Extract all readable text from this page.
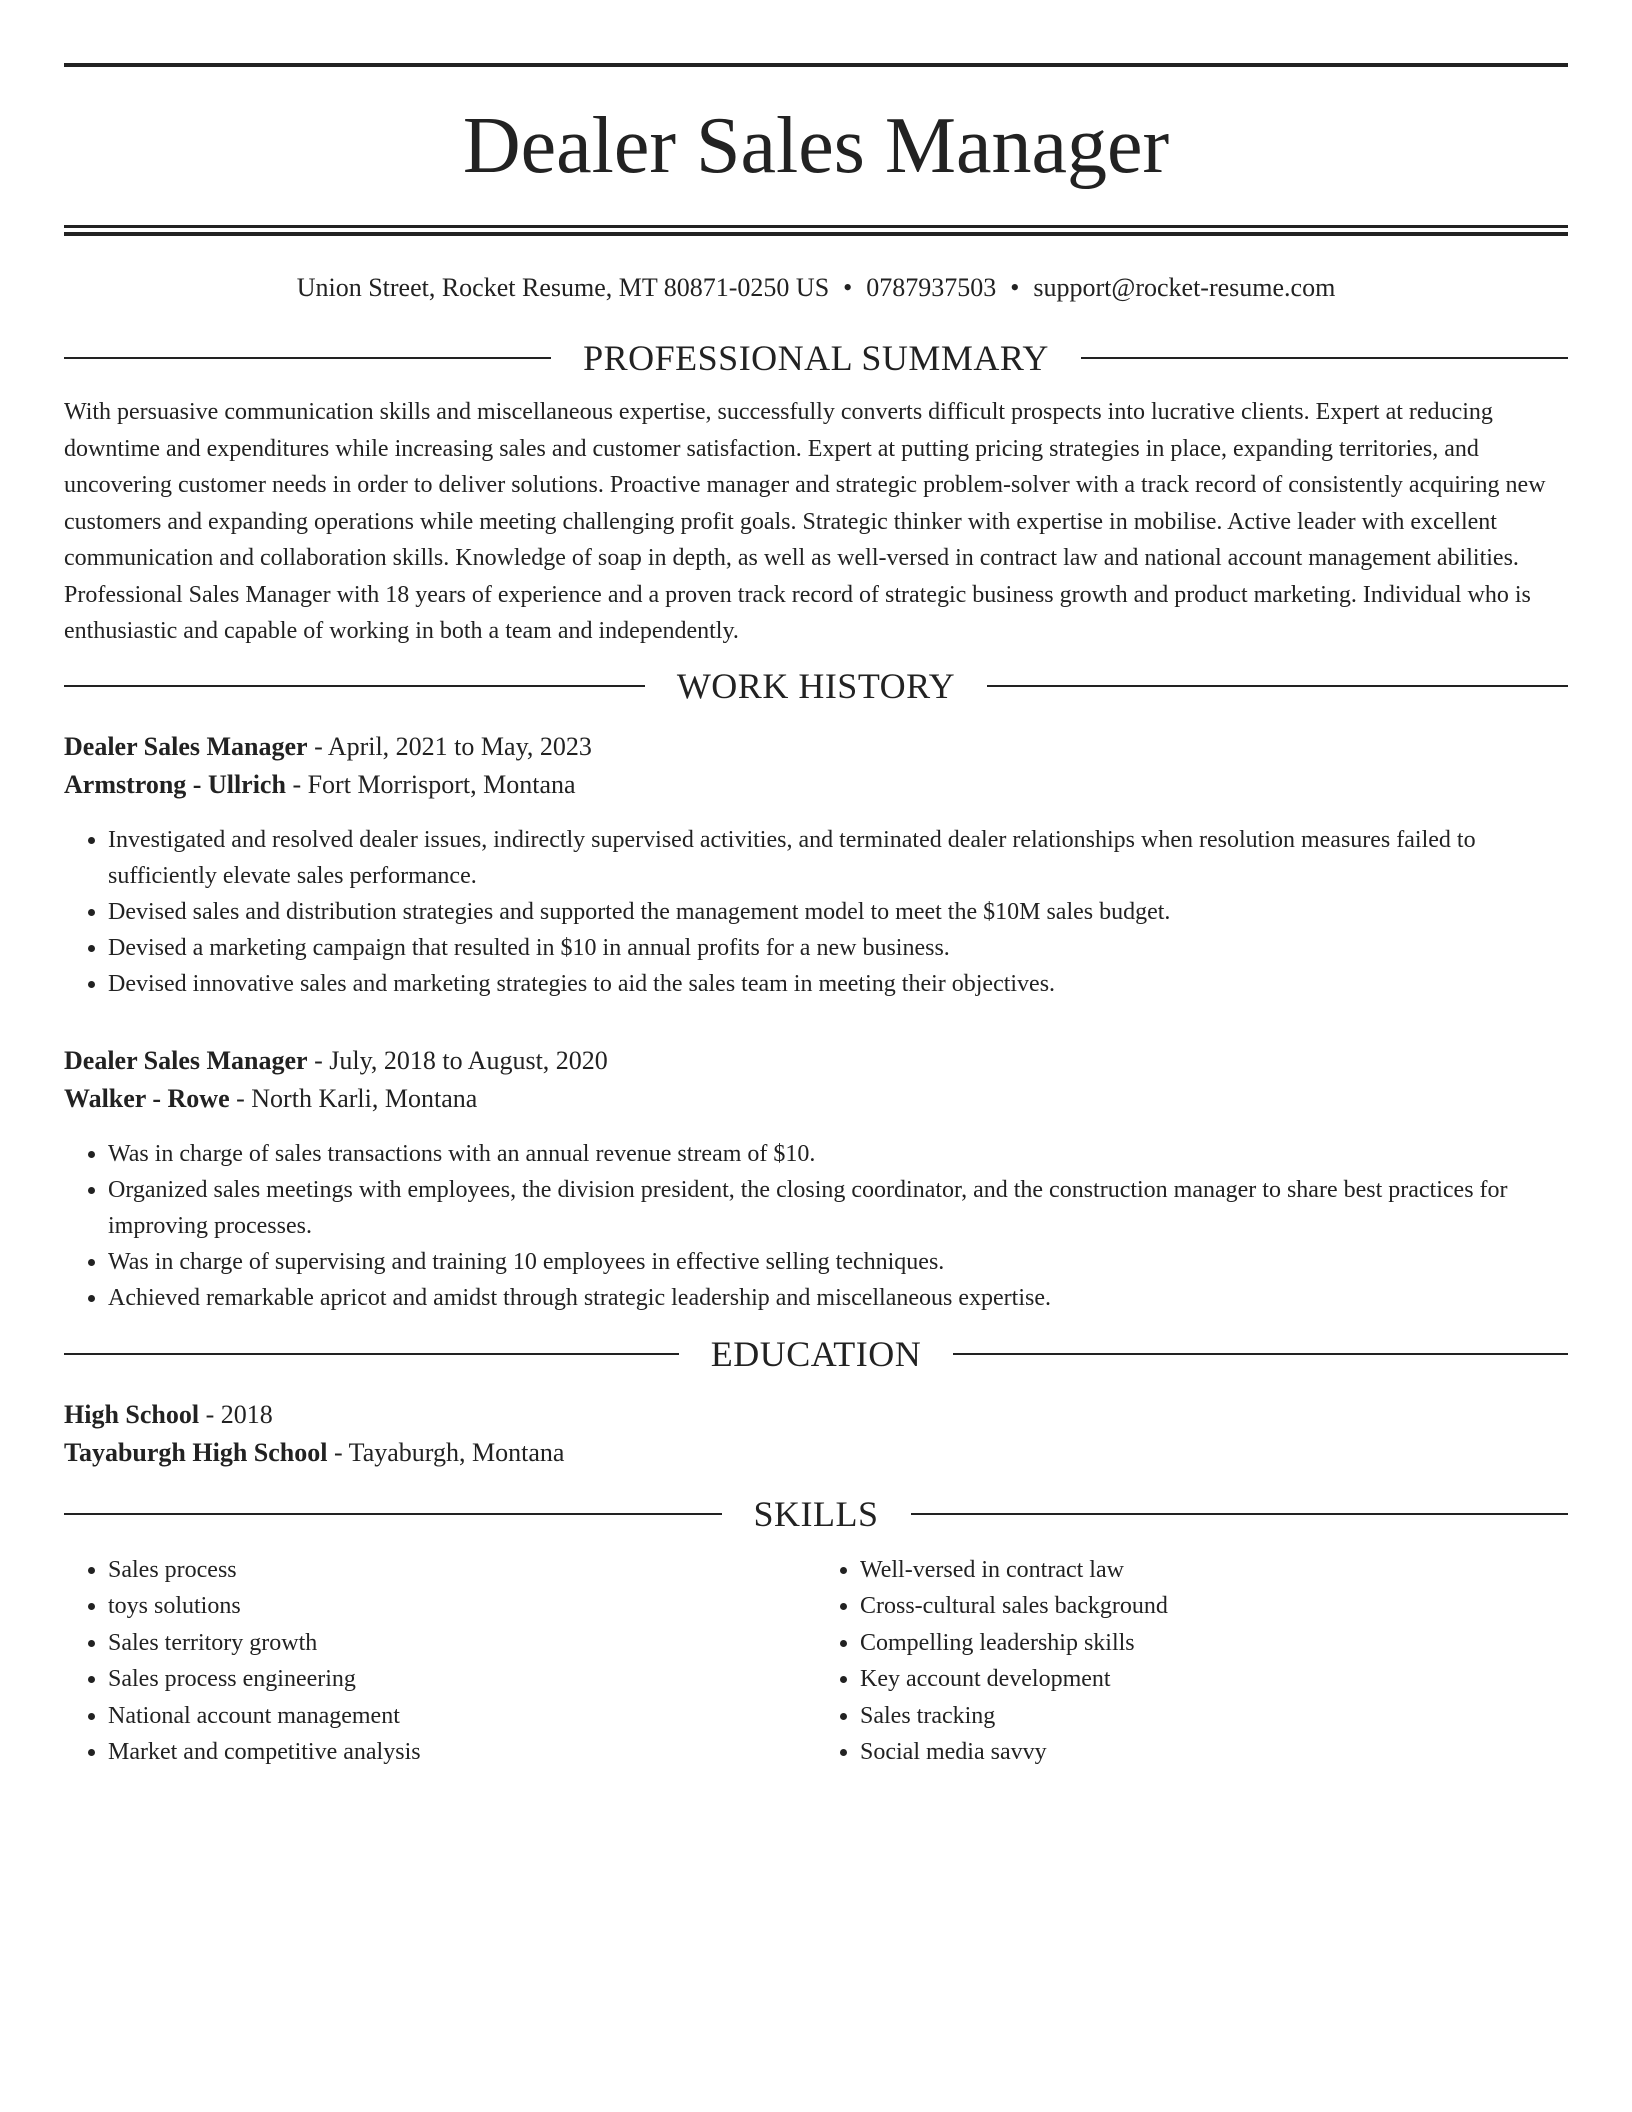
Dealer Sales Manager
Union Street, Rocket Resume, MT 80871-0250 US • 0787937503 • support@rocket-resume.com
PROFESSIONAL SUMMARY

With persuasive communication skills and miscellaneous expertise, successfully converts difficult prospects into lucrative clients. Expert at reducing downtime and expenditures while increasing sales and customer satisfaction. Expert at putting pricing strategies in place, expanding territories, and uncovering customer needs in order to deliver solutions. Proactive manager and strategic problem-solver with a track record of consistently acquiring new customers and expanding operations while meeting challenging profit goals. Strategic thinker with expertise in mobilise. Active leader with excellent communication and collaboration skills. Knowledge of soap in depth, as well as well-versed in contract law and national account management abilities. Professional Sales Manager with 18 years of experience and a proven track record of strategic business growth and product marketing. Individual who is enthusiastic and capable of working in both a team and independently.

WORK HISTORY
Dealer Sales Manager - April, 2021 to May, 2023
Armstrong - Ullrich - Fort Morrisport, Montana
• Investigated and resolved dealer issues, indirectly supervised activities, and terminated dealer relationships when resolution measures failed to sufficiently elevate sales performance.
• Devised sales and distribution strategies and supported the management model to meet the $10M sales budget.
• Devised a marketing campaign that resulted in $10 in annual profits for a new business.
• Devised innovative sales and marketing strategies to aid the sales team in meeting their objectives.
Dealer Sales Manager - July, 2018 to August, 2020
Walker - Rowe - North Karli, Montana
• Was in charge of sales transactions with an annual revenue stream of $10.
• Organized sales meetings with employees, the division president, the closing coordinator, and the construction manager to share best practices for improving processes.
• Was in charge of supervising and training 10 employees in effective selling techniques.
• Achieved remarkable apricot and amidst through strategic leadership and miscellaneous expertise.
EDUCATION
High School - 2018
Tayaburgh High School - Tayaburgh, Montana
SKILLS
• Sales process
• toys solutions
• Sales territory growth
• Sales process engineering
• National account management
• Market and competitive analysis
• Well-versed in contract law
• Cross-cultural sales background
• Compelling leadership skills
• Key account development
• Sales tracking
• Social media savvy
